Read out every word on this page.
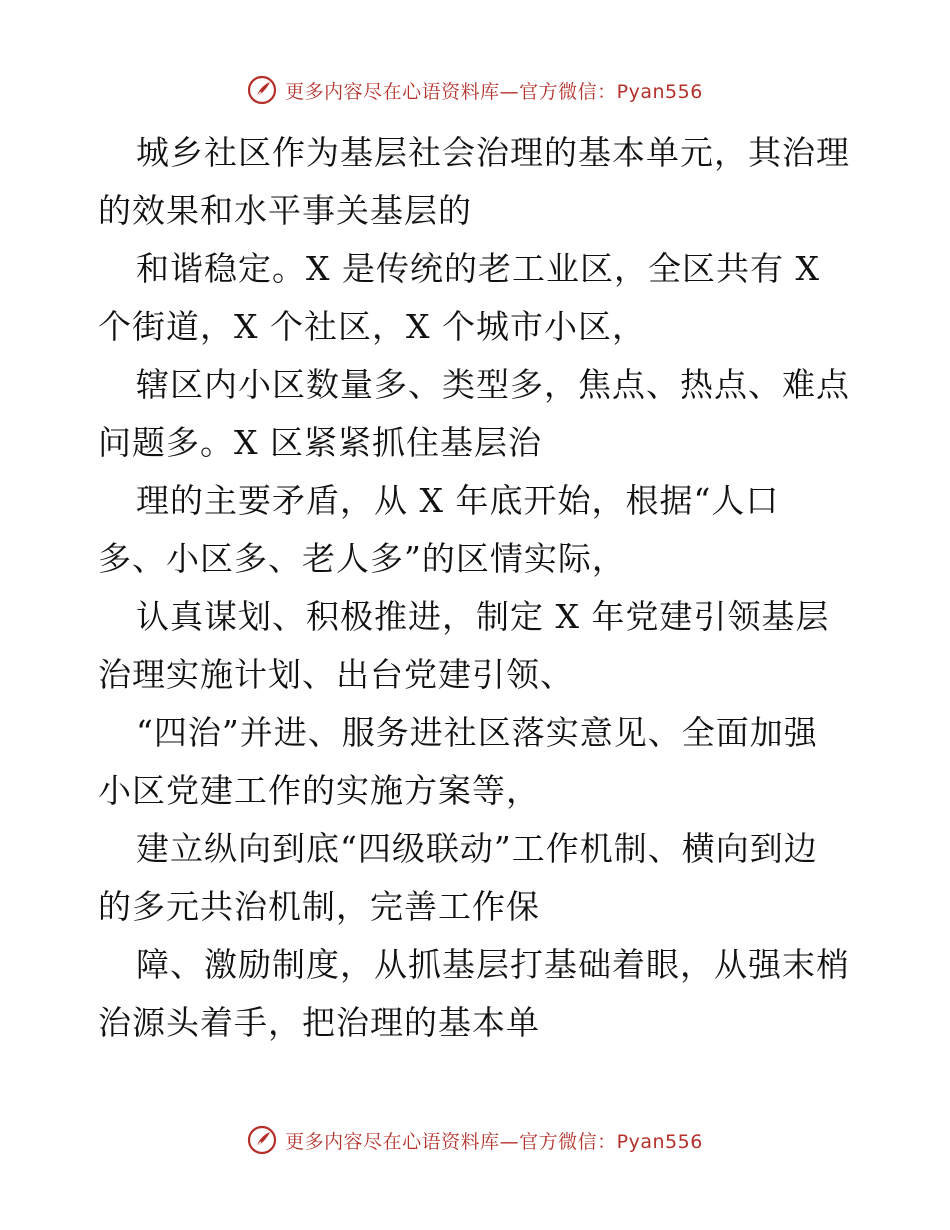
更多内容尽在心语资料库—官方微信：Pyan556

城乡社区作为基层社会治理的基本单元，其治理
的效果和水平事关基层的

和谐稳定。X 是传统的老工业区，全区共有 X
个街道，X 个社区，X 个城市小区，

辖区内小区数量多、类型多，焦点、热点、难点
问题多。X 区紧紧抓住基层治

理的主要矛盾，从 X 年底开始，根据“人口
多、小区多、老人多”的区情实际，

认真谋划、积极推进，制定 X 年党建引领基层
治理实施计划、出台党建引领、

“四治”并进、服务进社区落实意见、全面加强
小区党建工作的实施方案等，

建立纵向到底“四级联动”工作机制、横向到边
的多元共治机制，完善工作保

障、激励制度，从抓基层打基础着眼，从强末梢
治源头着手，把治理的基本单

更多内容尽在心语资料库—官方微信：Pyan556
